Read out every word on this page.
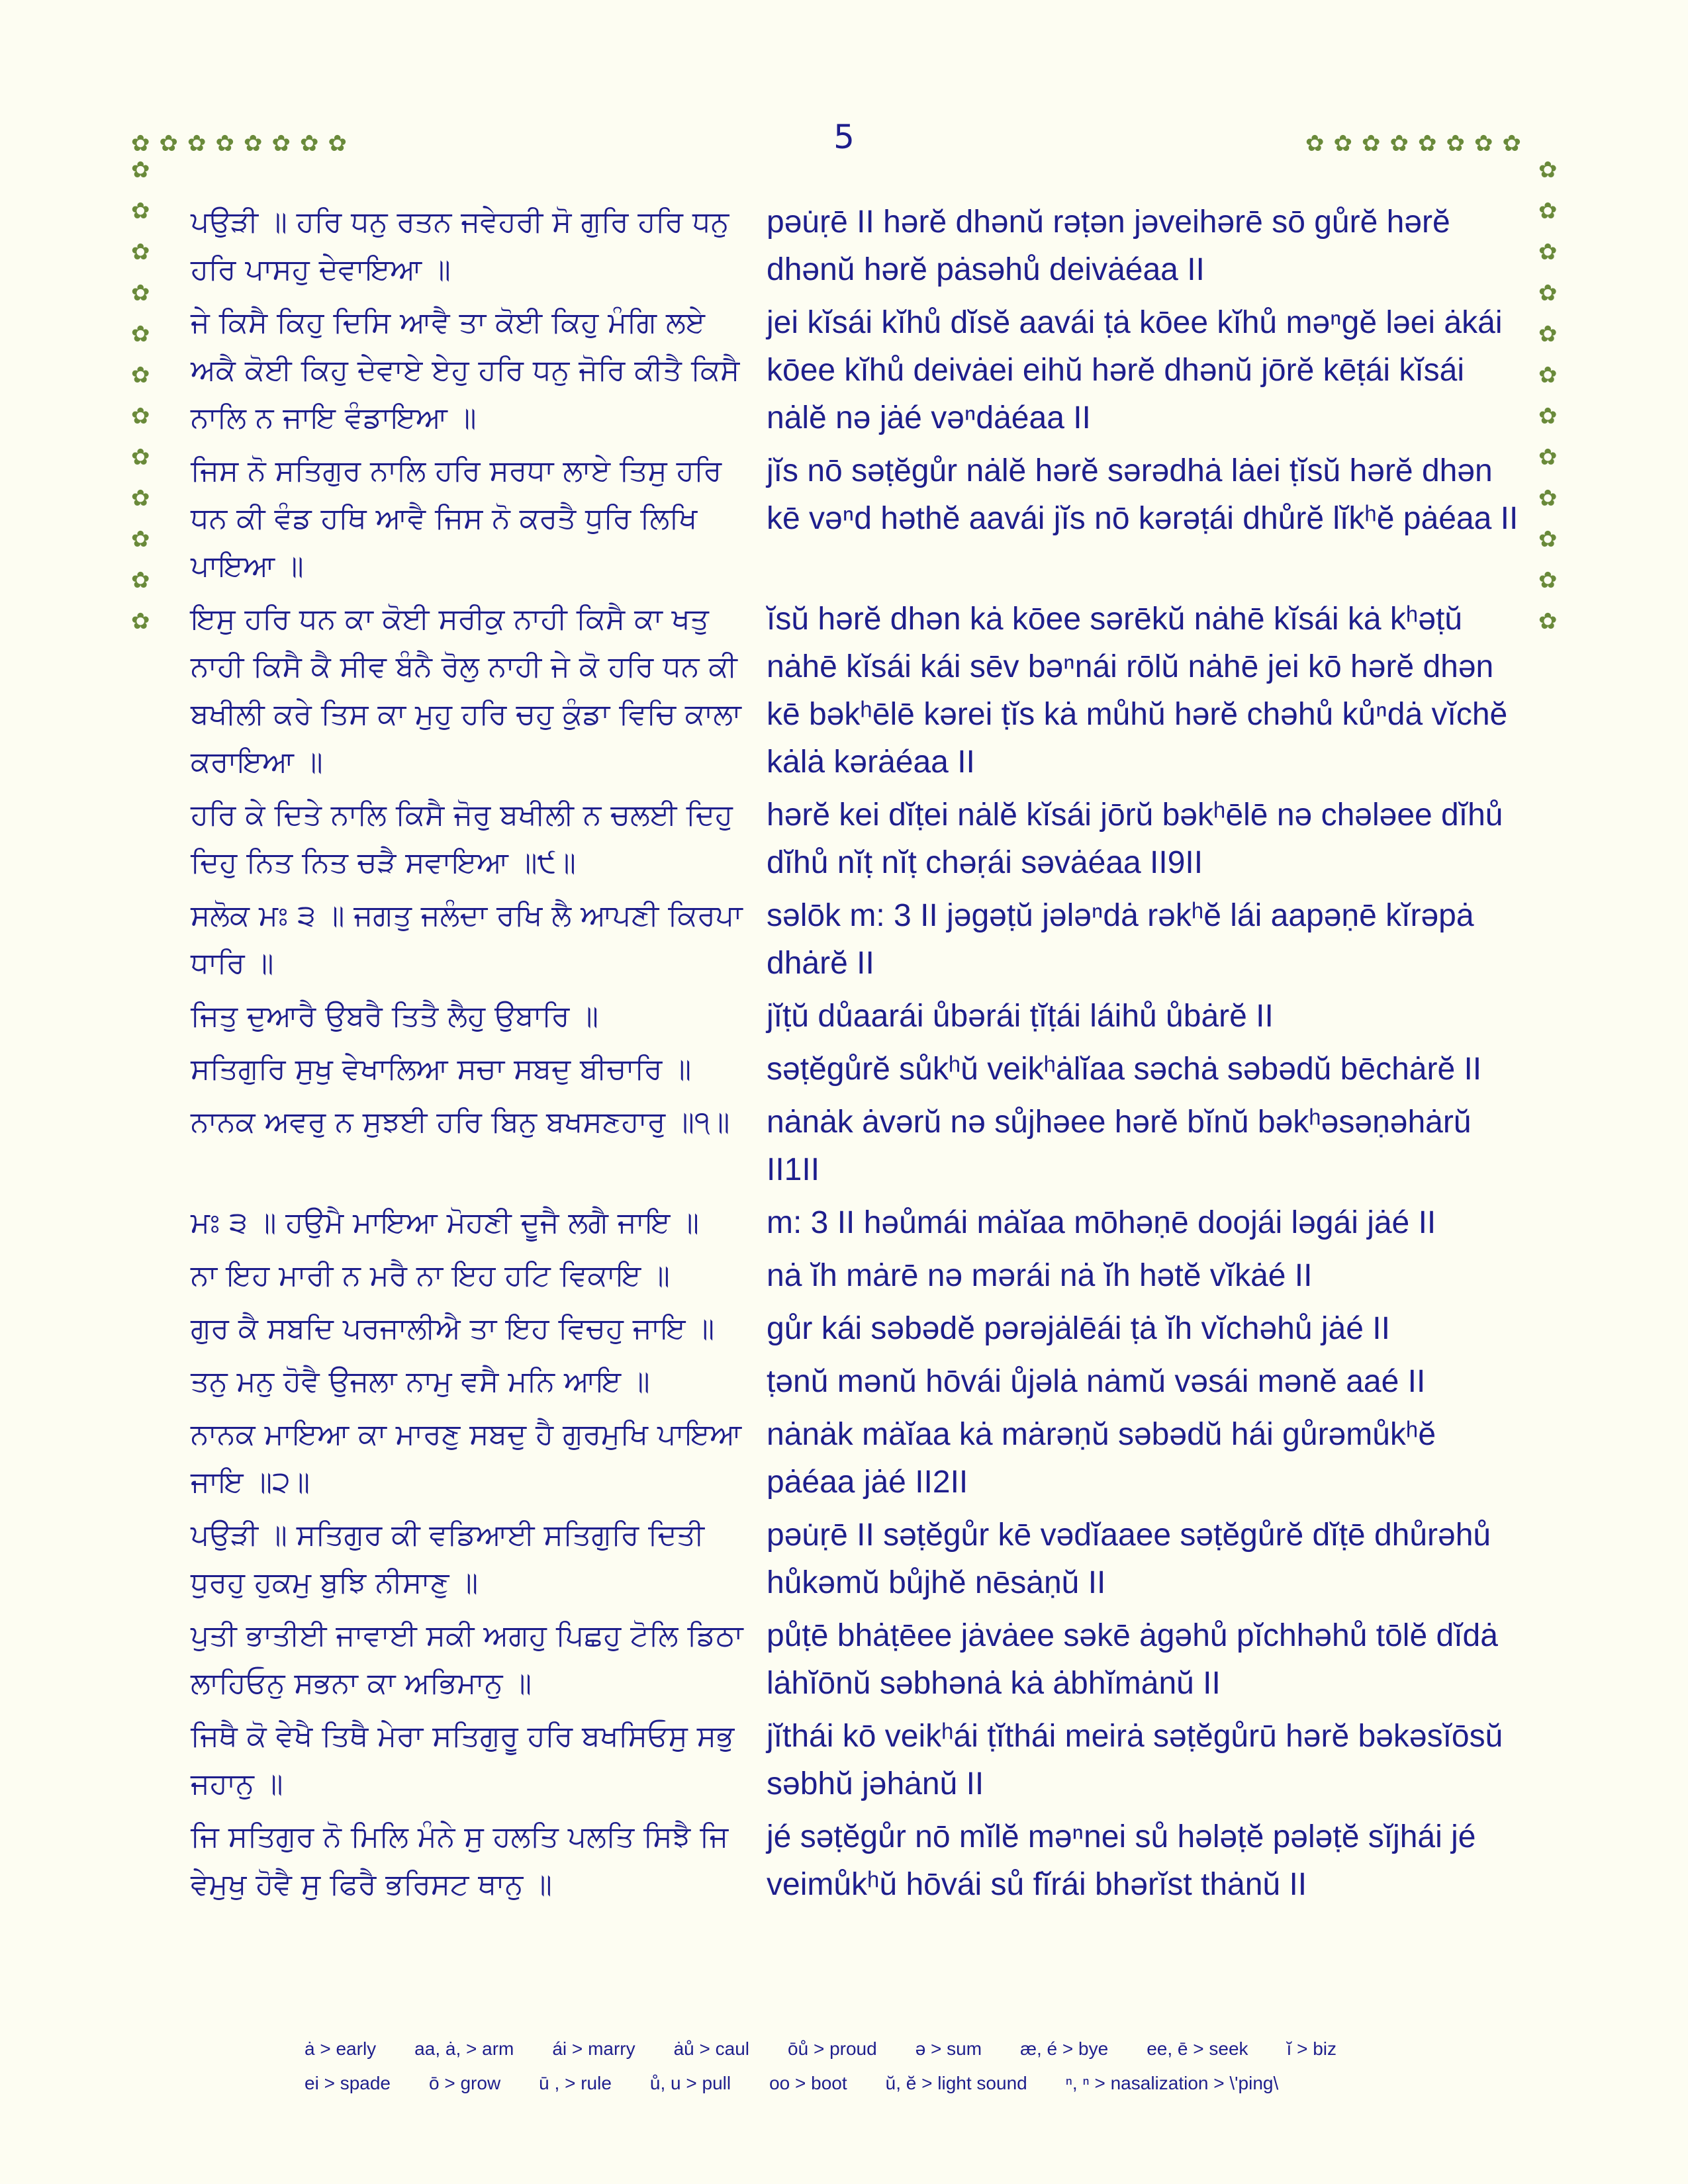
5
✿ ✿ ✿ ✿ ✿ ✿ ✿ ✿	✿ ✿ ✿ ✿ ✿ ✿ ✿ ✿
✿
✿
✿
✿
✿
✿
✿
✿
✿
✿
✿
✿
✿
✿
✿
✿
✿
✿
✿
✿
✿
✿
✿
✿
ਪਉੜੀ ॥ ਹਰਿ ਧਨੁ ਰਤਨ ਜਵੇਹਰੀ ਸੋ ਗੁਰਿ ਹਰਿ ਧਨੁ ਹਰਿ ਪਾਸਹੁ ਦੇਵਾਇਆ ॥
pəu̇ṛē II hərĕ dhənŭ rəṭən jəveihərē sō gůrĕ hərĕ dhənŭ hərĕ pȧsəhů deivȧéaa II
ਜੇ ਕਿਸੈ ਕਿਹੁ ਦਿਸਿ ਆਵੈ ਤਾ ਕੋਈ ਕਿਹੁ ਮੰਗਿ ਲਏ ਅਕੈ ਕੋਈ ਕਿਹੁ ਦੇਵਾਏ ਏਹੁ ਹਰਿ ਧਨੁ ਜੋਰਿ ਕੀਤੈ ਕਿਸੈ ਨਾਲਿ ਨ ਜਾਇ ਵੰਡਾਇਆ ॥
jei kĭsái kĭhů dĭsĕ aavái ṭȧ kōee kĭhů məⁿgĕ ləei ȧkái kōee kĭhů deivȧei eihŭ hərĕ dhənŭ jōrĕ kēṭái kĭsái nȧlĕ nə jȧé vəⁿdȧéaa II
ਜਿਸ ਨੋ ਸਤਿਗੁਰ ਨਾਲਿ ਹਰਿ ਸਰਧਾ ਲਾਏ ਤਿਸੁ ਹਰਿ ਧਨ ਕੀ ਵੰਡ ਹਥਿ ਆਵੈ ਜਿਸ ਨੋ ਕਰਤੈ ਧੁਰਿ ਲਿਖਿ ਪਾਇਆ ॥
jĭs nō səṭĕgůr nȧlĕ hərĕ sərədhȧ lȧei ṭĭsŭ hərĕ dhən kē vəⁿd həthĕ aavái jĭs nō kərəṭái dhůrĕ lĭkʰĕ pȧéaa II
ਇਸੁ ਹਰਿ ਧਨ ਕਾ ਕੋਈ ਸਰੀਕੁ ਨਾਹੀ ਕਿਸੈ ਕਾ ਖਤੁ ਨਾਹੀ ਕਿਸੈ ਕੈ ਸੀਵ ਬੰਨੈ ਰੋਲੁ ਨਾਹੀ ਜੇ ਕੋ ਹਰਿ ਧਨ ਕੀ ਬਖੀਲੀ ਕਰੇ ਤਿਸ ਕਾ ਮੁਹੁ ਹਰਿ ਚਹੁ ਕੁੰਡਾ ਵਿਚਿ ਕਾਲਾ ਕਰਾਇਆ ॥
ĭsŭ hərĕ dhən kȧ kōee sərēkŭ nȧhē kĭsái kȧ kʰəṭŭ nȧhē kĭsái kái sēv bəⁿnái rōlŭ nȧhē jei kō hərĕ dhən kē bəkʰēlē kərei ṭĭs kȧ můhŭ hərĕ chəhů kůⁿdȧ vĭchĕ kȧlȧ kərȧéaa II
ਹਰਿ ਕੇ ਦਿਤੇ ਨਾਲਿ ਕਿਸੈ ਜੋਰੁ ਬਖੀਲੀ ਨ ਚਲਈ ਦਿਹੁ ਦਿਹੁ ਨਿਤ ਨਿਤ ਚੜੈ ਸਵਾਇਆ ॥੯॥
hərĕ kei dĭṭei nȧlĕ kĭsái jōrŭ bəkʰēlē nə chələee dĭhů dĭhů nĭṭ nĭṭ chəṛái səvȧéaa II9II
ਸਲੋਕ ਮਃ ੩ ॥ ਜਗਤੁ ਜਲੰਦਾ ਰਖਿ ਲੈ ਆਪਣੀ ਕਿਰਪਾ ਧਾਰਿ ॥
səlōk m: 3 II jəgəṭŭ jələⁿdȧ rəkʰĕ lái aapəṇē kĭrəpȧ dhȧrĕ II
ਜਿਤੁ ਦੁਆਰੈ ਉਬਰੈ ਤਿਤੈ ਲੈਹੁ ਉਬਾਰਿ ॥	jĭṭŭ důaarái ůbərái ṭĭṭái láihů ůbȧrĕ II
ਸਤਿਗੁਰਿ ਸੁਖੁ ਵੇਖਾਲਿਆ ਸਚਾ ਸਬਦੁ ਬੀਚਾਰਿ ॥	səṭĕgůrĕ sůkʰŭ veikʰȧlĭaa səchȧ səbədŭ bēchȧrĕ II
ਨਾਨਕ ਅਵਰੁ ਨ ਸੁਝਈ ਹਰਿ ਬਿਨੁ ਬਖਸਣਹਾਰੁ ॥੧॥	nȧnȧk ȧvərŭ nə sůjhəee hərĕ bĭnŭ bəkʰəsəṇəhȧrŭ II1II
ਮਃ ੩ ॥ ਹਉਮੈ ਮਾਇਆ ਮੋਹਣੀ ਦੂਜੈ ਲਗੈ ਜਾਇ ॥	m: 3 II həůmái mȧĭaa mōhəṇē doojái ləgái jȧé II
ਨਾ ਇਹ ਮਾਰੀ ਨ ਮਰੈ ਨਾ ਇਹ ਹਟਿ ਵਿਕਾਇ ॥	nȧ ĭh mȧrē nə mərái nȧ ĭh hətĕ vĭkȧé II
ਗੁਰ ਕੈ ਸਬਦਿ ਪਰਜਾਲੀਐ ਤਾ ਇਹ ਵਿਚਹੁ ਜਾਇ ॥	gůr kái səbədĕ pərəjȧlēái ṭȧ ĭh vĭchəhů jȧé II
ਤਨੁ ਮਨੁ ਹੋਵੈ ਉਜਲਾ ਨਾਮੁ ਵਸੈ ਮਨਿ ਆਇ ॥	ṭənŭ mənŭ hōvái ůjəlȧ nȧmŭ vəsái mənĕ aaé II
ਨਾਨਕ ਮਾਇਆ ਕਾ ਮਾਰਣੁ ਸਬਦੁ ਹੈ ਗੁਰਮੁਖਿ ਪਾਇਆ ਜਾਇ ॥੨॥
nȧnȧk mȧĭaa kȧ mȧrəṇŭ səbədŭ hái gůrəmůkʰĕ pȧéaa jȧé II2II
ਪਉੜੀ ॥ ਸਤਿਗੁਰ ਕੀ ਵਡਿਆਈ ਸਤਿਗੁਰਿ ਦਿਤੀ ਧੁਰਹੁ ਹੁਕਮੁ ਬੁਝਿ ਨੀਸਾਣੁ ॥
pəu̇ṛē II səṭĕgůr kē vədĭaaee səṭĕgůrĕ dĭṭē dhůrəhů hůkəmŭ bůjhĕ nēsȧṇŭ II
ਪੁਤੀ ਭਾਤੀਈ ਜਾਵਾਈ ਸਕੀ ਅਗਹੁ ਪਿਛਹੁ ਟੋਲਿ ਡਿਠਾ ਲਾਹਿਓਨੁ ਸਭਨਾ ਕਾ ਅਭਿਮਾਨੁ ॥
půṭē bhȧṭēee jȧvȧee səkē ȧgəhů pĭchhəhů tōlĕ dĭdȧ lȧhĭōnŭ səbhənȧ kȧ ȧbhĭmȧnŭ II
ਜਿਥੈ ਕੋ ਵੇਖੈ ਤਿਥੈ ਮੇਰਾ ਸਤਿਗੁਰੂ ਹਰਿ ਬਖਸਿਓਸੁ ਸਭੁ ਜਹਾਨੁ ॥
jĭthái kō veikʰái ṭĭthái meirȧ səṭĕgůrū hərĕ bəkəsĭōsŭ səbhŭ jəhȧnŭ II
ਜਿ ਸਤਿਗੁਰ ਨੋ ਮਿਲਿ ਮੰਨੇ ਸੁ ਹਲਤਿ ਪਲਤਿ ਸਿਝੈ ਜਿ ਵੇਮੁਖੁ ਹੋਵੈ ਸੁ ਫਿਰੈ ਭਰਿਸਟ ਥਾਨੁ ॥
jé səṭĕgůr nō mĭlĕ məⁿnei sů hələṭĕ pələṭĕ sĭjhái jé veimůkʰŭ hōvái sů fĭrái bhərĭst thȧnŭ II
ȧ > early aa, ȧ, > arm ái > marry ȧů > caul ōů > proud ə > sum æ, é > bye ee, ē > seek ĭ > biz
ei > spade ō > grow ū , > rule ů, u > pull oo > boot ŭ, ĕ > light sound ⁿ, ⁿ > nasalization > \'ping\
